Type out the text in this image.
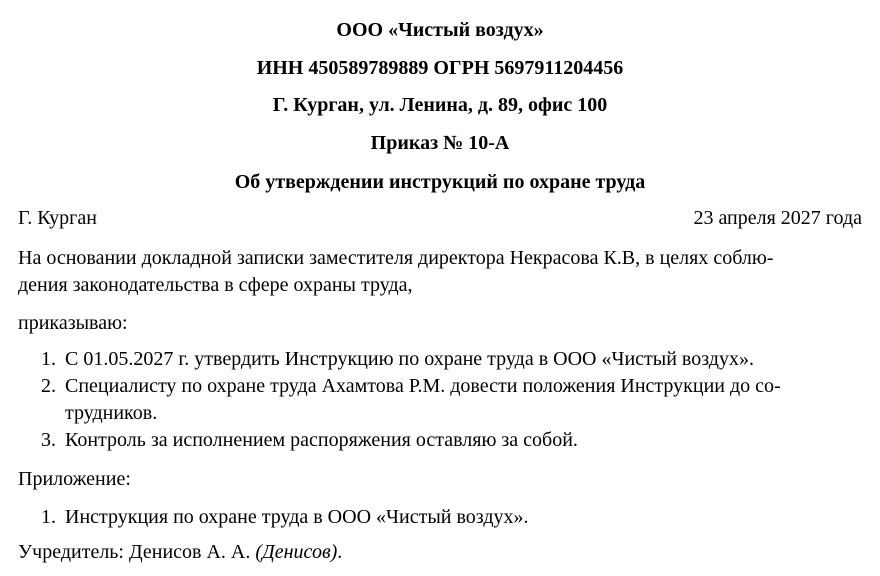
ООО «Чистый воздух»

ИНН 450589789889 ОГРН 5697911204456

Г. Курган, ул. Ленина, д. 89, офис 100

Приказ № 10-А

Об утверждении инструкций по охране труда

Г. Курган	23 апреля 2027 года
На основании докладной записки заместителя директора Некрасова К.В, в целях соблю-
дения законодательства в сфере охраны труда,
приказываю:
1. С 01.05.2027 г. утвердить Инструкцию по охране труда в ООО «Чистый воздух».
2. Специалисту по охране труда Ахамтова Р.М. довести положения Инструкции до со-
трудников.
3. Контроль за исполнением распоряжения оставляю за собой.
Приложение:
1. Инструкция по охране труда в ООО «Чистый воздух».
Учредитель: Денисов А. А. (Денисов).
